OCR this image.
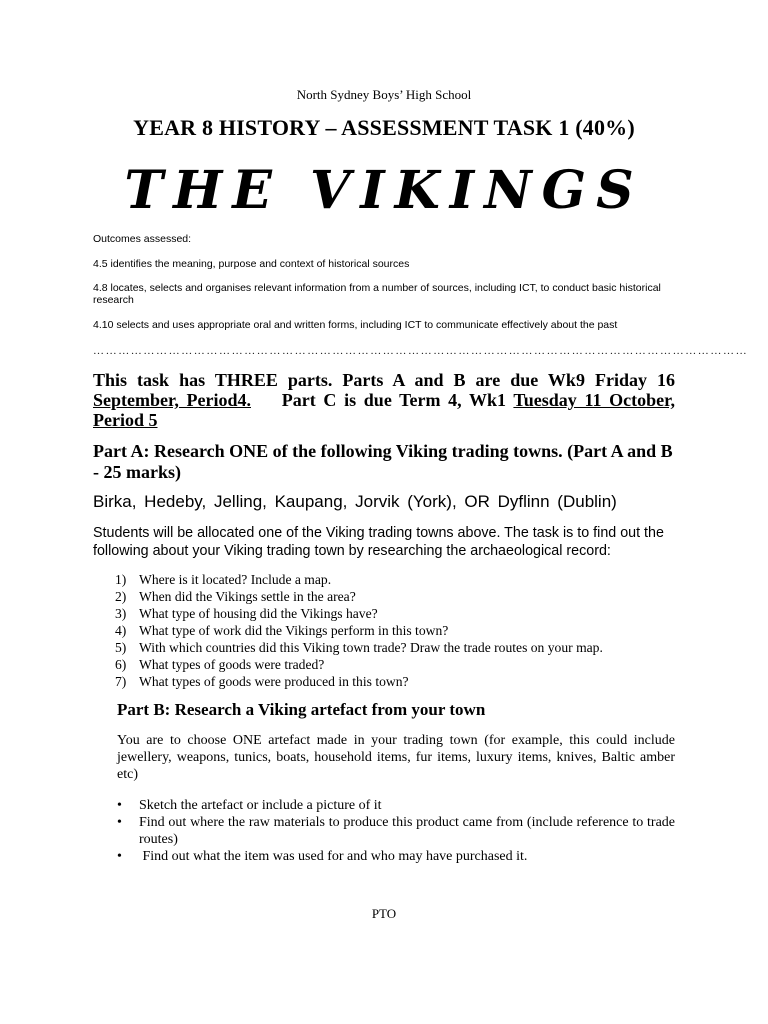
North Sydney Boys’ High School
YEAR 8 HISTORY – ASSESSMENT TASK 1 (40%)
THE VIKINGS
Outcomes assessed:
4.5 identifies the meaning, purpose and context of historical sources
4.8 locates, selects and organises relevant information from a number of sources, including ICT, to conduct basic historical research
4.10 selects and uses appropriate oral and written forms, including ICT to communicate effectively about the past
…………………………………………………………………………………………………………………………………………
This task has THREE parts. Parts A and B are due Wk9 Friday 16 September, Period4.    Part C is due Term 4, Wk1 Tuesday 11 October, Period 5
Part A: Research ONE of the following Viking trading towns. (Part A and B - 25 marks)
Birka, Hedeby, Jelling, Kaupang, Jorvik (York), OR Dyflinn (Dublin)
Students will be allocated one of the Viking trading towns above. The task is to find out the following about your Viking trading town by researching the archaeological record:
1) Where is it located? Include a map.
2) When did the Vikings settle in the area?
3) What type of housing did the Vikings have?
4) What type of work did the Vikings perform in this town?
5) With which countries did this Viking town trade? Draw the trade routes on your map.
6) What types of goods were traded?
7) What types of goods were produced in this town?
Part B: Research a Viking artefact from your town
You are to choose ONE artefact made in your trading town (for example, this could include jewellery, weapons, tunics, boats, household items, fur items, luxury items, knives, Baltic amber etc)
• Sketch the artefact or include a picture of it
• Find out where the raw materials to produce this product came from (include reference to trade routes)
• Find out what the item was used for and who may have purchased it.
PTO
